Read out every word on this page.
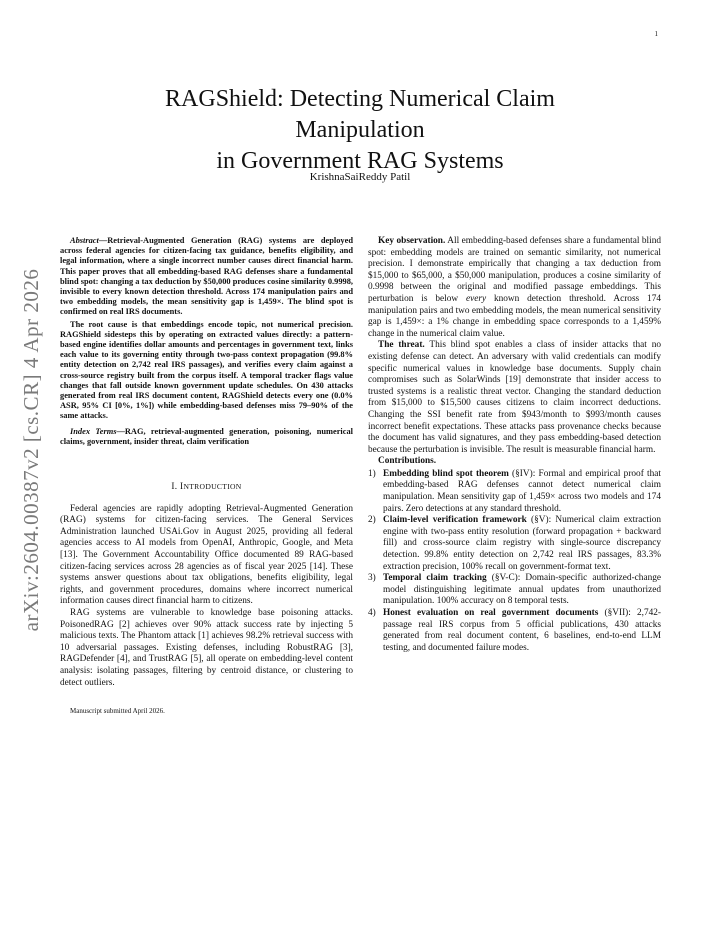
1
arXiv:2604.00387v2 [cs.CR] 4 Apr 2026
RAGShield: Detecting Numerical Claim
Manipulation
in Government RAG Systems
KrishnaSaiReddy Patil

Abstract—Retrieval-Augmented Generation (RAG) systems are deployed across federal agencies for citizen-facing tax guidance, benefits eligibility, and legal information, where a single incorrect number causes direct financial harm. This paper proves that all embedding-based RAG defenses share a fundamental blind spot: changing a tax deduction by $50,000 produces cosine similarity 0.9998, invisible to every known detection threshold. Across 174 manipulation pairs and two embedding models, the mean sensitivity gap is 1,459×. The blind spot is confirmed on real IRS documents.

The root cause is that embeddings encode topic, not numerical precision. RAGShield sidesteps this by operating on extracted values directly: a pattern-based engine identifies dollar amounts and percentages in government text, links each value to its governing entity through two-pass context propagation (99.8% entity detection on 2,742 real IRS passages), and verifies every claim against a cross-source registry built from the corpus itself. A temporal tracker flags value changes that fall outside known government update schedules. On 430 attacks generated from real IRS document content, RAGShield detects every one (0.0% ASR, 95% CI [0%, 1%]) while embedding-based defenses miss 79–90% of the same attacks.

Index Terms—RAG, retrieval-augmented generation, poisoning, numerical claims, government, insider threat, claim verification

I. INTRODUCTION

Federal agencies are rapidly adopting Retrieval-Augmented Generation (RAG) systems for citizen-facing services. The General Services Administration launched USAi.Gov in August 2025, providing all federal agencies access to AI models from OpenAI, Anthropic, Google, and Meta [13]. The Government Accountability Office documented 89 RAG-based citizen-facing services across 28 agencies as of fiscal year 2025 [14]. These systems answer questions about tax obligations, benefits eligibility, legal rights, and government procedures, domains where incorrect numerical information causes direct financial harm to citizens.

RAG systems are vulnerable to knowledge base poisoning attacks. PoisonedRAG [2] achieves over 90% attack success rate by injecting 5 malicious texts. The Phantom attack [1] achieves 98.2% retrieval success with 10 adversarial passages. Existing defenses, including RobustRAG [3], RAGDefender [4], and TrustRAG [5], all operate on embedding-level content analysis: isolating passages, filtering by centroid distance, or clustering to detect outliers.

Manuscript submitted April 2026.

Key observation. All embedding-based defenses share a fundamental blind spot: embedding models are trained on semantic similarity, not numerical precision. I demonstrate empirically that changing a tax deduction from $15,000 to $65,000, a $50,000 manipulation, produces a cosine similarity of 0.9998 between the original and modified passage embeddings. This perturbation is below every known detection threshold. Across 174 manipulation pairs and two embedding models, the mean numerical sensitivity gap is 1,459×: a 1% change in embedding space corresponds to a 1,459% change in the numerical claim value.

The threat. This blind spot enables a class of insider attacks that no existing defense can detect. An adversary with valid credentials can modify specific numerical values in knowledge base documents. Supply chain compromises such as SolarWinds [19] demonstrate that insider access to trusted systems is a realistic threat vector. Changing the standard deduction from $15,000 to $15,500 causes citizens to claim incorrect deductions. Changing the SSI benefit rate from $943/month to $993/month causes incorrect benefit expectations. These attacks pass provenance checks because the document has valid signatures, and they pass embedding-based detection because the perturbation is invisible. The result is measurable financial harm.

Contributions.

1) Embedding blind spot theorem (§IV): Formal and empirical proof that embedding-based RAG defenses cannot detect numerical claim manipulation. Mean sensitivity gap of 1,459× across two models and 174 pairs. Zero detections at any standard threshold.
2) Claim-level verification framework (§V): Numerical claim extraction engine with two-pass entity resolution (forward propagation + backward fill) and cross-source claim registry with single-source discrepancy detection. 99.8% entity detection on 2,742 real IRS passages, 83.3% extraction precision, 100% recall on government-format text.
3) Temporal claim tracking (§V-C): Domain-specific authorized-change model distinguishing legitimate annual updates from unauthorized manipulation. 100% accuracy on 8 temporal tests.
4) Honest evaluation on real government documents (§VII): 2,742-passage real IRS corpus from 5 official publications, 430 attacks generated from real document content, 6 baselines, end-to-end LLM testing, and documented failure modes.
